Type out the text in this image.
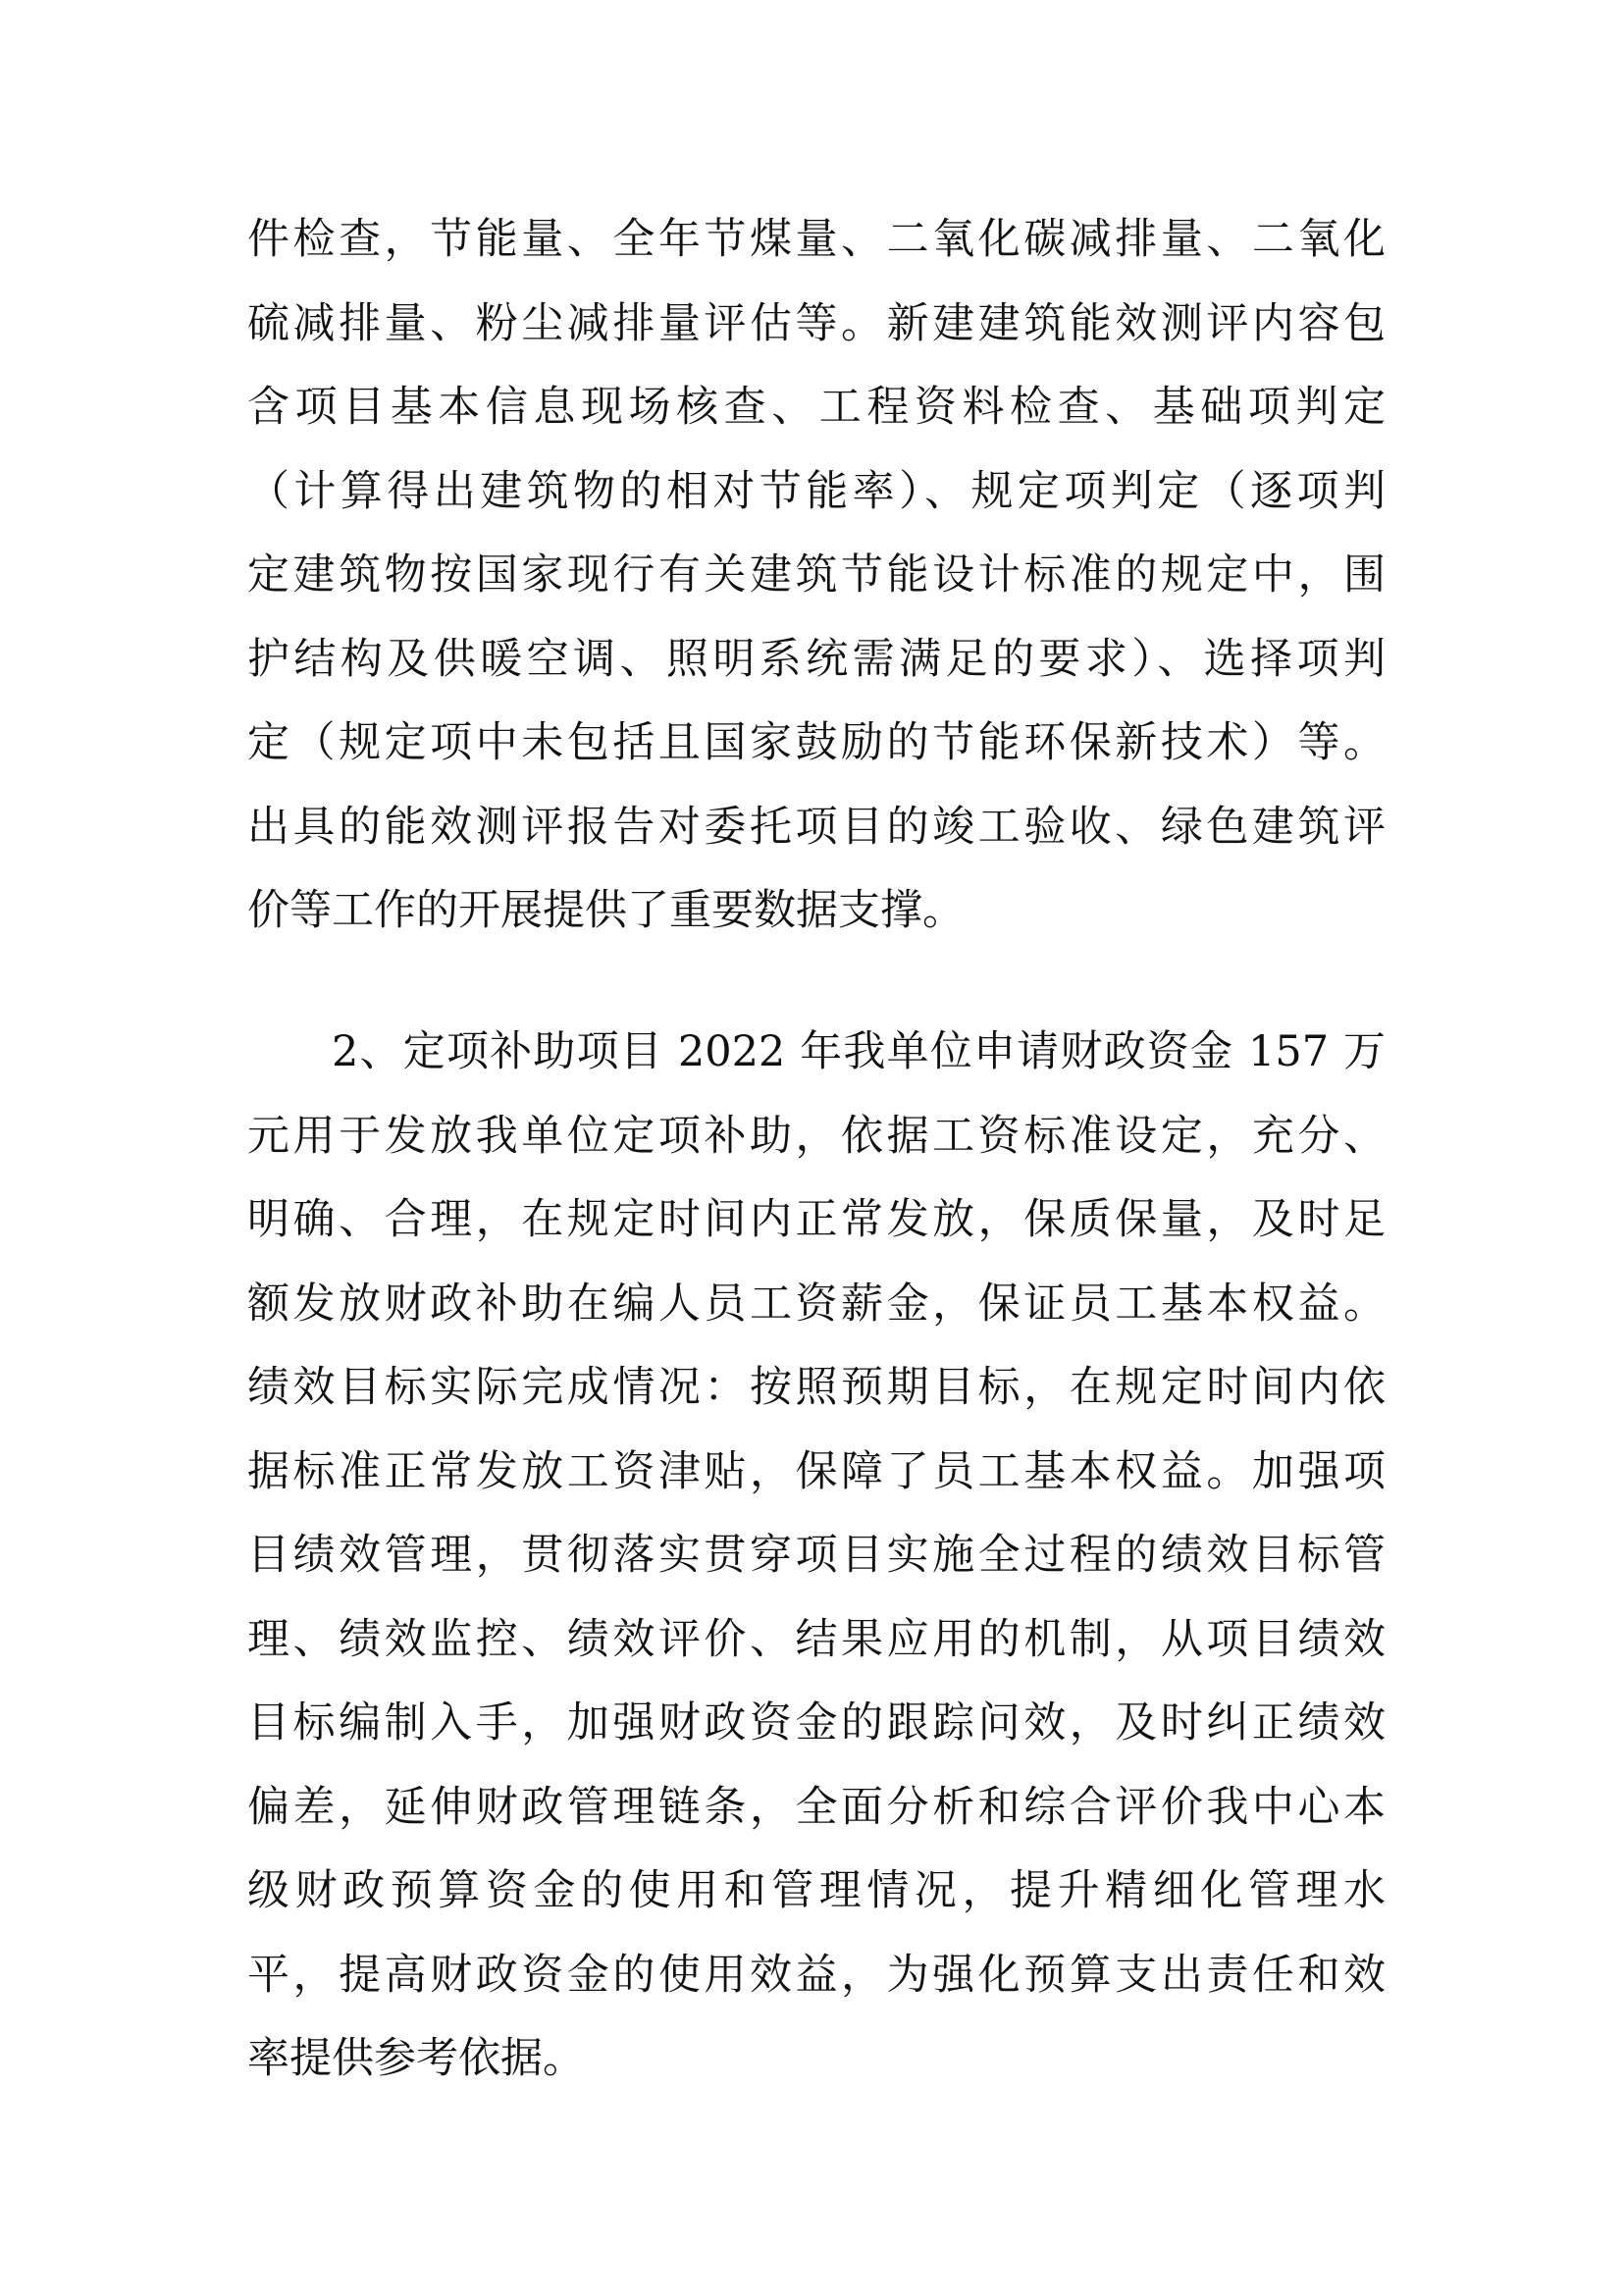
件检查，节能量、全年节煤量、二氧化碳减排量、二氧化
硫减排量、粉尘减排量评估等。新建建筑能效测评内容包
含项目基本信息现场核查、工程资料检查、基础项判定
（计算得出建筑物的相对节能率）、规定项判定（逐项判
定建筑物按国家现行有关建筑节能设计标准的规定中，围
护结构及供暖空调、照明系统需满足的要求）、选择项判
定（规定项中未包括且国家鼓励的节能环保新技术）等。
出具的能效测评报告对委托项目的竣工验收、绿色建筑评
价等工作的开展提供了重要数据支撑。
2、定项补助项目 2022 年我单位申请财政资金 157 万
元用于发放我单位定项补助，依据工资标准设定，充分、
明确、合理，在规定时间内正常发放，保质保量，及时足
额发放财政补助在编人员工资薪金，保证员工基本权益。
绩效目标实际完成情况：按照预期目标，在规定时间内依
据标准正常发放工资津贴，保障了员工基本权益。加强项
目绩效管理，贯彻落实贯穿项目实施全过程的绩效目标管
理、绩效监控、绩效评价、结果应用的机制，从项目绩效
目标编制入手，加强财政资金的跟踪问效，及时纠正绩效
偏差，延伸财政管理链条，全面分析和综合评价我中心本
级财政预算资金的使用和管理情况，提升精细化管理水
平，提高财政资金的使用效益，为强化预算支出责任和效
率提供参考依据。
